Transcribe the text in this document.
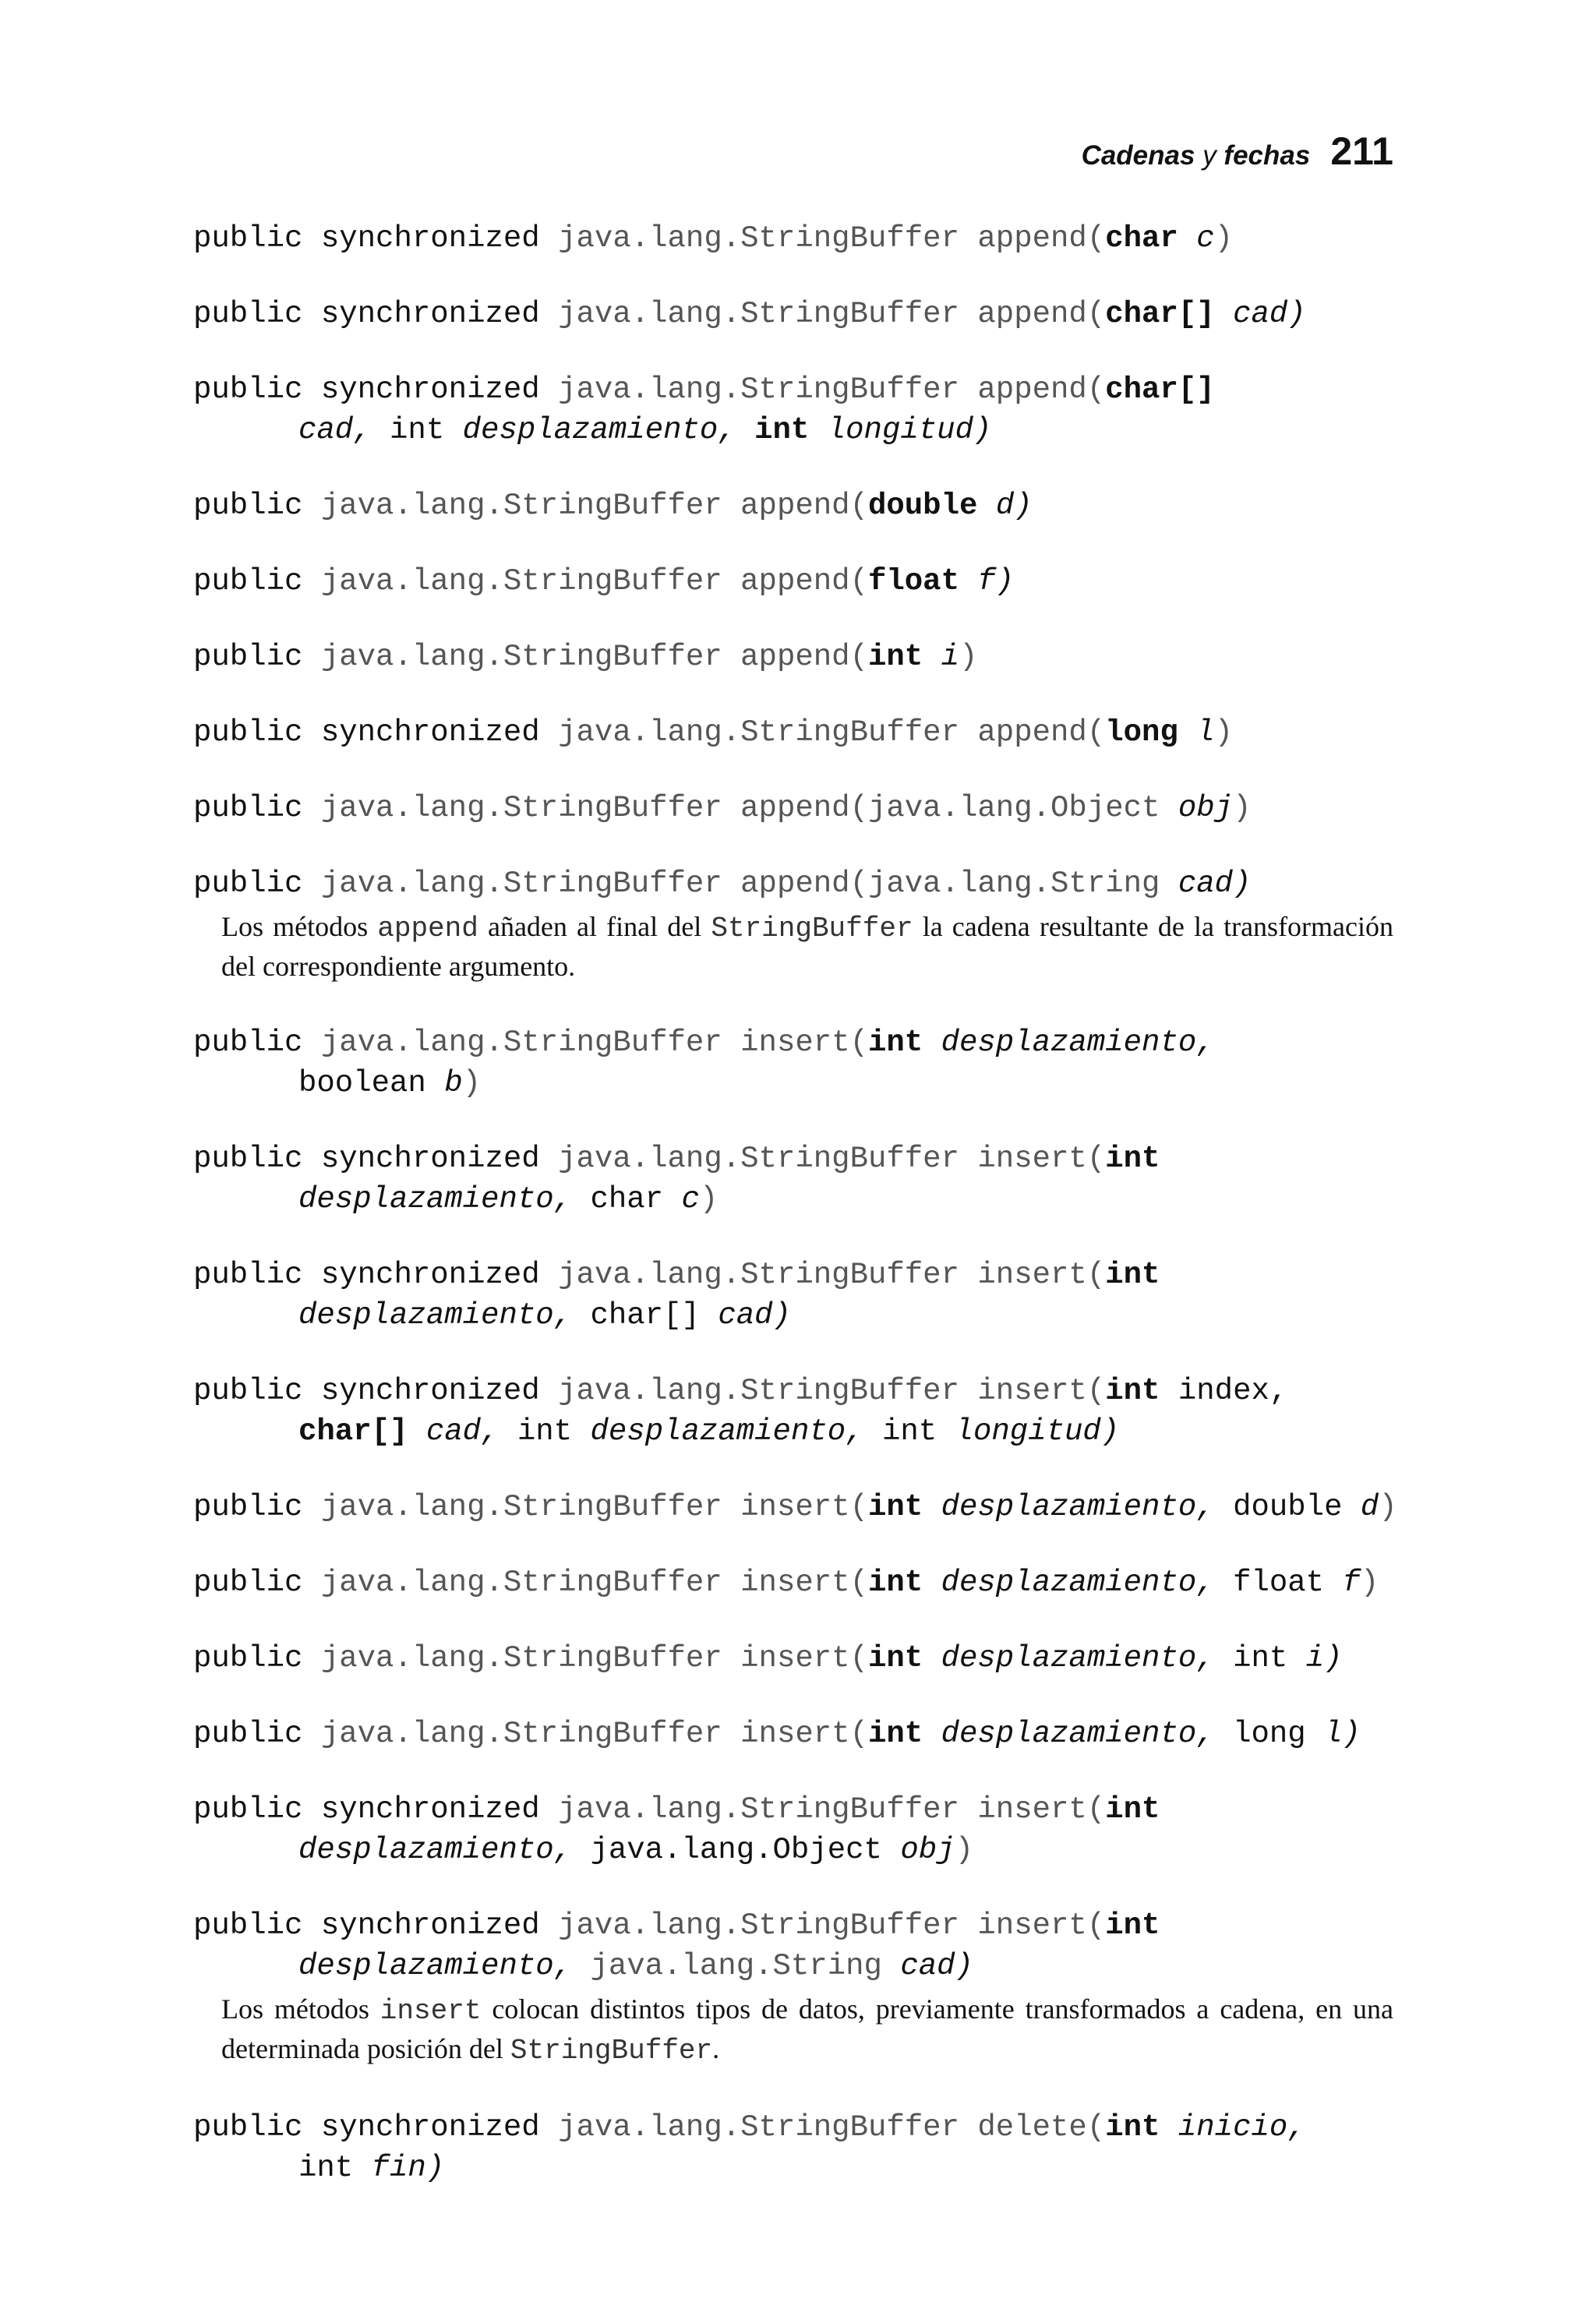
Cadenas y fechas 211
public synchronized java.lang.StringBuffer append(char c)
public synchronized java.lang.StringBuffer append(char[] cad)
public synchronized java.lang.StringBuffer append(char[]
cad, int desplazamiento, int longitud)
public java.lang.StringBuffer append(double d)
public java.lang.StringBuffer append(float f)
public java.lang.StringBuffer append(int i)
public synchronized java.lang.StringBuffer append(long l)
public java.lang.StringBuffer append(java.lang.Object obj)
public java.lang.StringBuffer append(java.lang.String cad)

Los métodos append añaden al final del StringBuffer la cadena resultante de la transformación del correspondiente argumento.

public java.lang.StringBuffer insert(int desplazamiento,
boolean b)
public synchronized java.lang.StringBuffer insert(int
desplazamiento, char c)
public synchronized java.lang.StringBuffer insert(int
desplazamiento, char[] cad)
public synchronized java.lang.StringBuffer insert(int index,
char[] cad, int desplazamiento, int longitud)
public java.lang.StringBuffer insert(int desplazamiento, double d)
public java.lang.StringBuffer insert(int desplazamiento, float f)
public java.lang.StringBuffer insert(int desplazamiento, int i)
public java.lang.StringBuffer insert(int desplazamiento, long l)
public synchronized java.lang.StringBuffer insert(int
desplazamiento, java.lang.Object obj)
public synchronized java.lang.StringBuffer insert(int
desplazamiento, java.lang.String cad)

Los métodos insert colocan distintos tipos de datos, previamente transformados a cadena, en una determinada posición del StringBuffer.

public synchronized java.lang.StringBuffer delete(int inicio,
int fin)
